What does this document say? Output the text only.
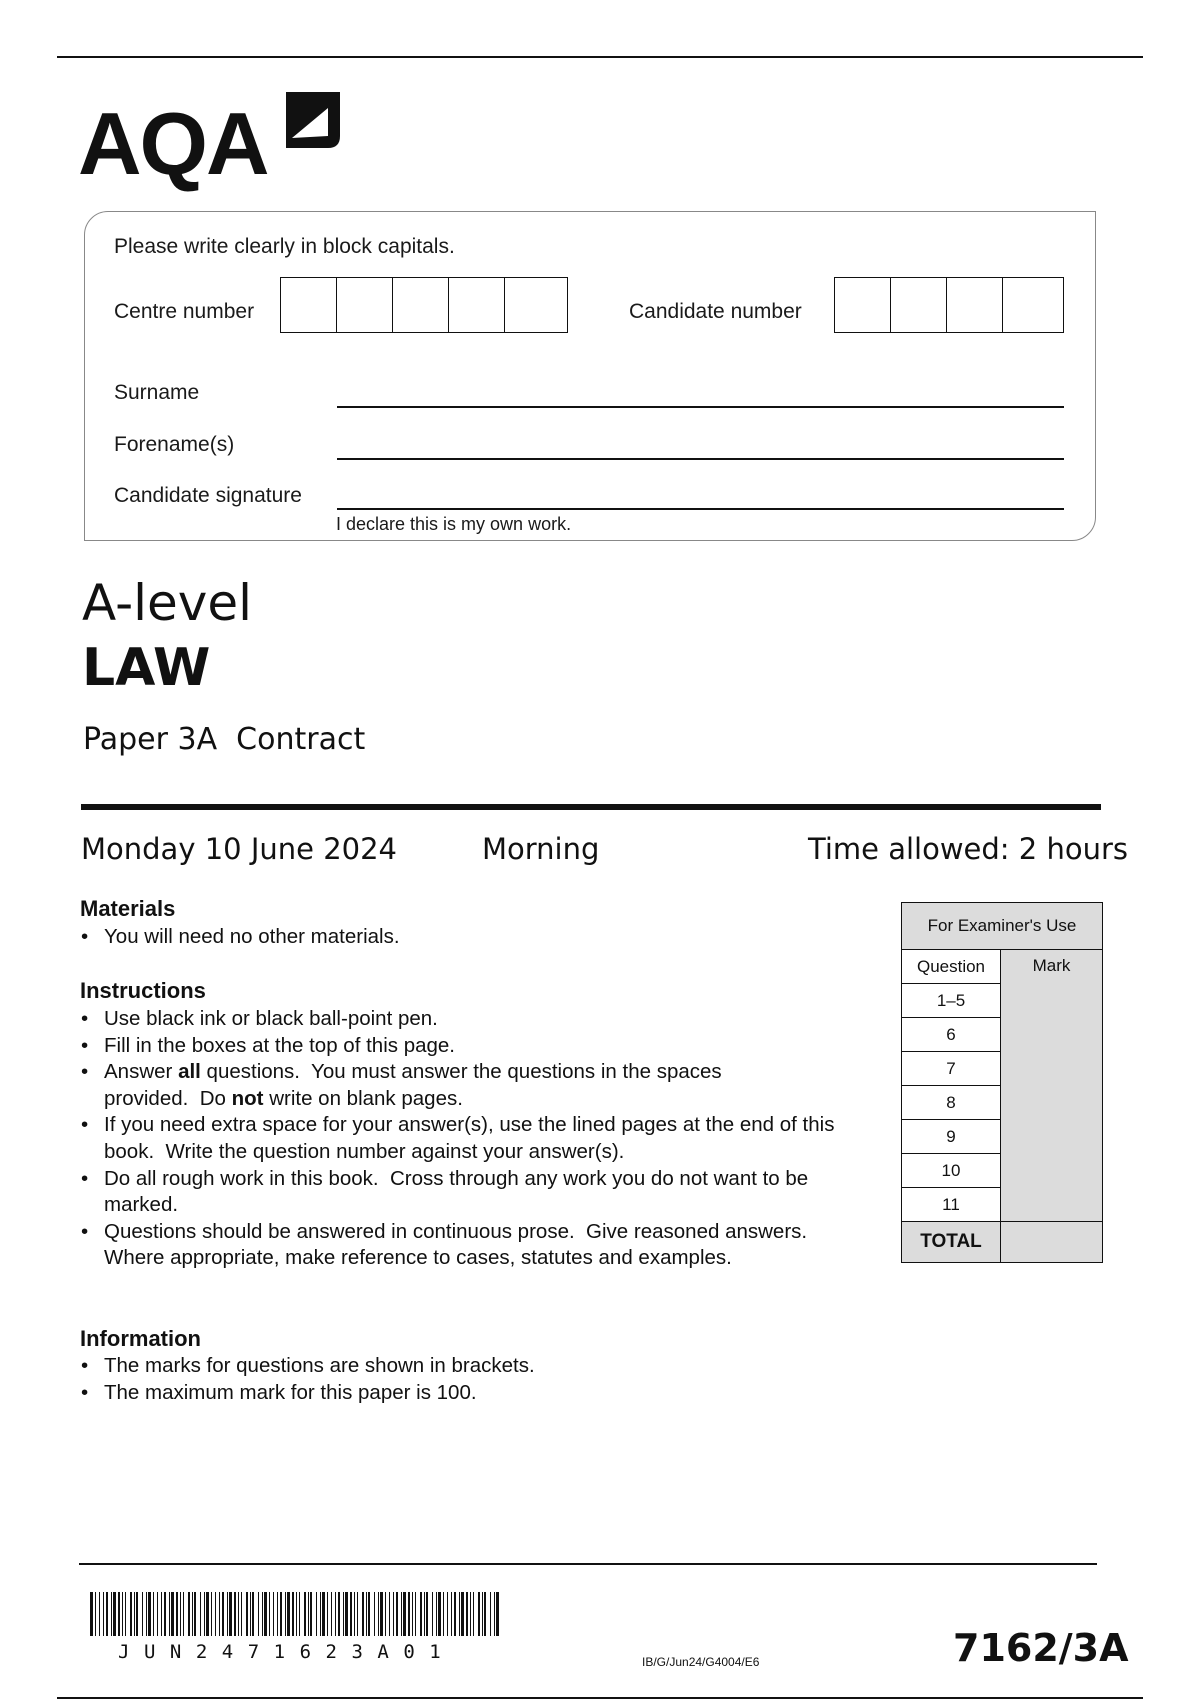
AQA
Please write clearly in block capitals.
Centre number	Candidate number
Surname
Forename(s)
Candidate signature
I declare this is my own work.
A-level
LAW
Paper 3A  Contract
Monday 10 June 2024	Morning	Time allowed: 2 hours
Materials
• You will need no other materials.
Instructions
• Use black ink or black ball-point pen.
• Fill in the boxes at the top of this page.
• Answer all questions.  You must answer the questions in the spaces provided.  Do not write on blank pages.
• If you need extra space for your answer(s), use the lined pages at the end of this book.  Write the question number against your answer(s).
• Do all rough work in this book.  Cross through any work you do not want to be marked.
• Questions should be answered in continuous prose.  Give reasoned answers.  Where appropriate, make reference to cases, statutes and examples.
Information
• The marks for questions are shown in brackets.
• The maximum mark for this paper is 100.
For Examiner's Use	
Question	Mark
1–5	
6	
7	
8	
9	
10	
11	
TOTAL	
JUN2471623A01	IB/G/Jun24/G4004/E6	7162/3A
